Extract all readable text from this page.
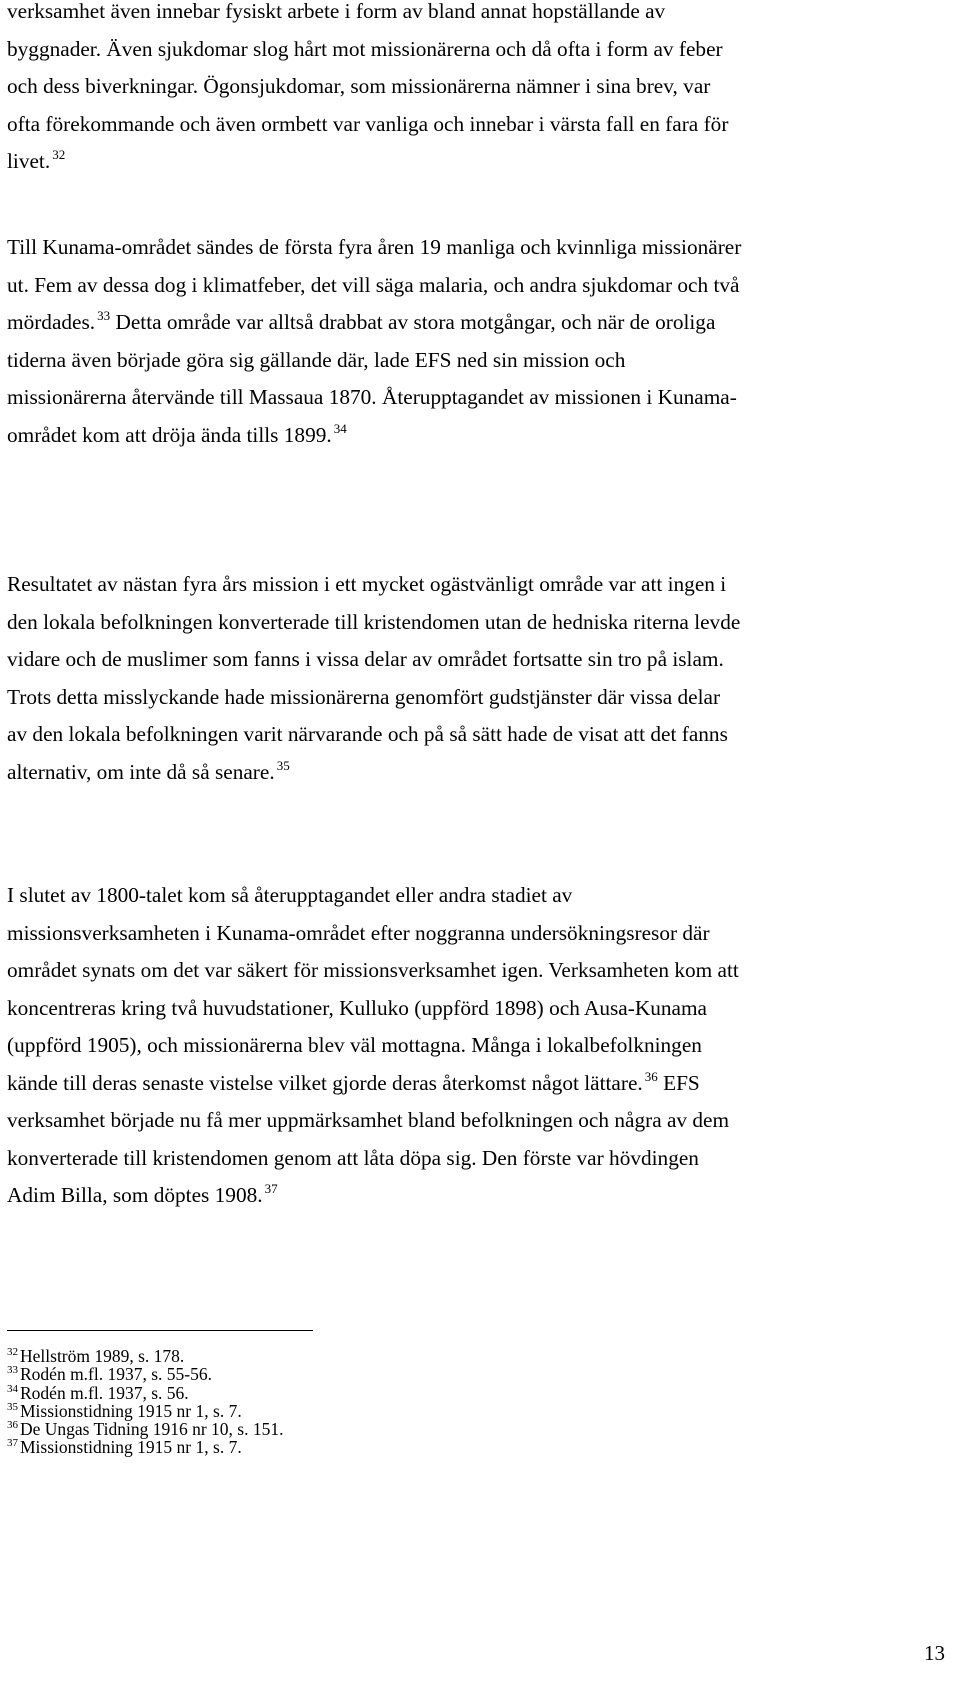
verksamhet även innebar fysiskt arbete i form av bland annat hopställande av
byggnader. Även sjukdomar slog hårt mot missionärerna och då ofta i form av feber
och dess biverkningar. Ögonsjukdomar, som missionärerna nämner i sina brev, var
ofta förekommande och även ormbett var vanliga och innebar i värsta fall en fara för
livet. $^{32}$
Till Kunama-området sändes de första fyra åren 19 manliga och kvinnliga missionärer
ut. Fem av dessa dog i klimatfeber, det vill säga malaria, och andra sjukdomar och två
mördades. $^{33}$ Detta område var alltså drabbat av stora motgångar, och när de oroliga
tiderna även började göra sig gällande där, lade EFS ned sin mission och
missionärerna återvände till Massaua 1870. Återupptagandet av missionen i Kunama-
området kom att dröja ända tills 1899. $^{34}$
Resultatet av nästan fyra års mission i ett mycket ogästvänligt område var att ingen i
den lokala befolkningen konverterade till kristendomen utan de hedniska riterna levde
vidare och de muslimer som fanns i vissa delar av området fortsatte sin tro på islam.
Trots detta misslyckande hade missionärerna genomfört gudstjänster där vissa delar
av den lokala befolkningen varit närvarande och på så sätt hade de visat att det fanns
alternativ, om inte då så senare. $^{35}$
I slutet av 1800-talet kom så återupptagandet eller andra stadiet av
missionsverksamheten i Kunama-området efter noggranna undersökningsresor där
området synats om det var säkert för missionsverksamhet igen. Verksamheten kom att
koncentreras kring två huvudstationer, Kulluko (uppförd 1898) och Ausa-Kunama
(uppförd 1905), och missionärerna blev väl mottagna. Många i lokalbefolkningen
kände till deras senaste vistelse vilket gjorde deras återkomst något lättare. $^{36}$ EFS
verksamhet började nu få mer uppmärksamhet bland befolkningen och några av dem
konverterade till kristendomen genom att låta döpa sig. Den förste var hövdingen
Adim Billa, som döptes 1908. $^{37}$
$^{32}$ Hellström 1989, s. 178.
$^{33}$ Rodén m.fl. 1937, s. 55-56.
$^{34}$ Rodén m.fl. 1937, s. 56.
$^{35}$ Missionstidning 1915 nr 1, s. 7.
$^{36}$ De Ungas Tidning 1916 nr 10, s. 151.
$^{37}$ Missionstidning 1915 nr 1, s. 7.
13
